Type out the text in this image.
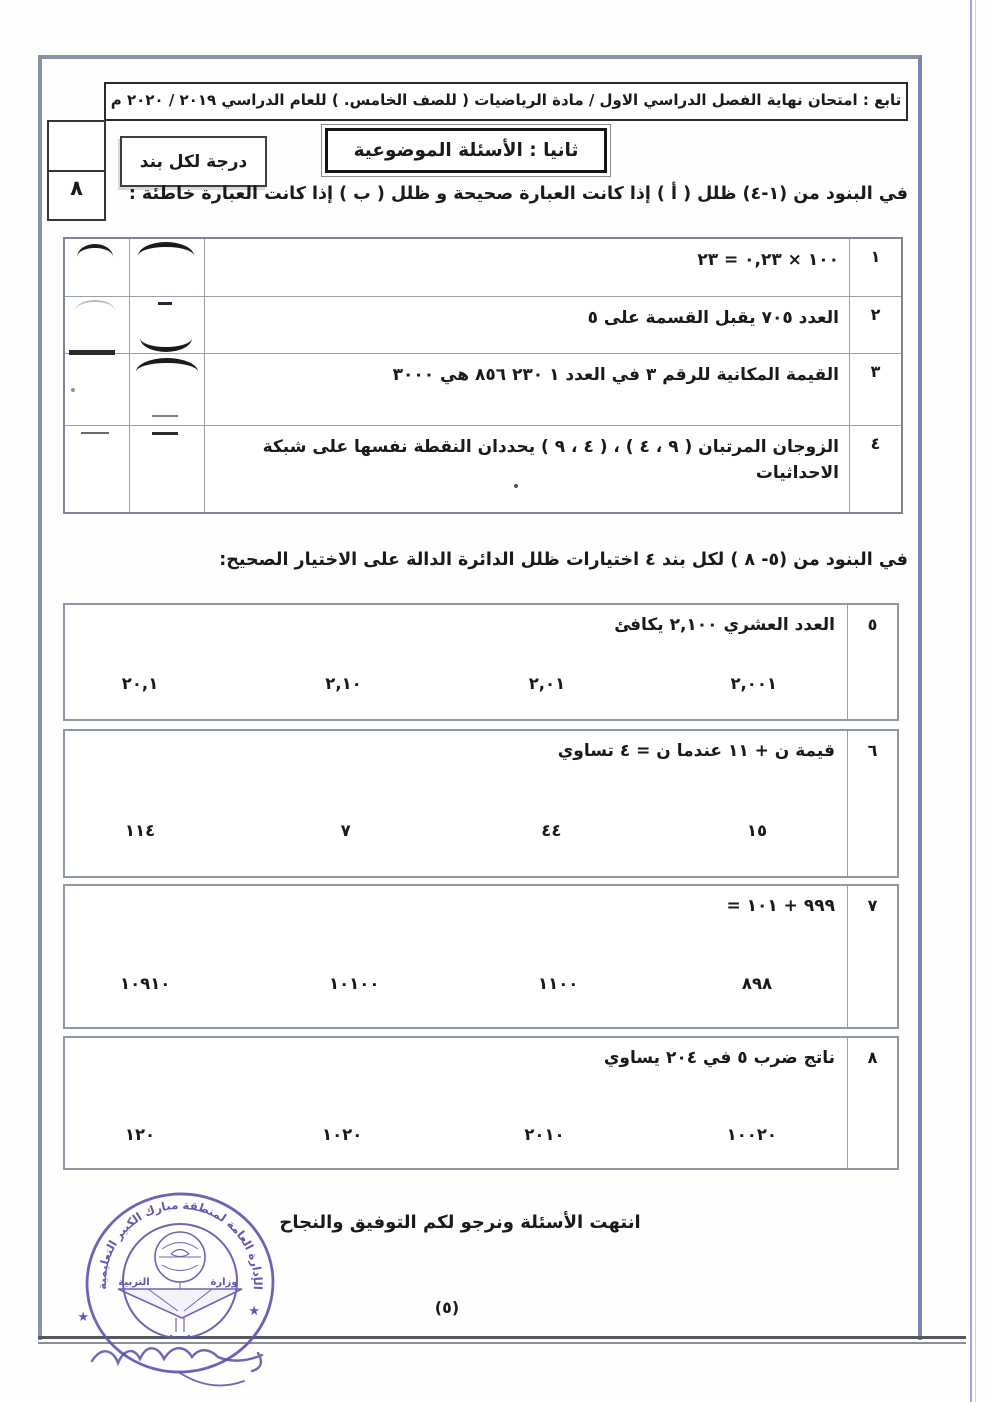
تابع : امتحان نهاية الفصل الدراسي الاول / مادة الرياضيات ( للصف الخامس. ) للعام الدراسي ٢٠١٩ / ٢٠٢٠ م
٨
درجة لكل بند
ثانيا : الأسئلة الموضوعية
في البنود من (١-٤) ظلل ( أ ) إذا كانت العبارة صحيحة و ظلل ( ب ) إذا كانت العبارة خاطئة :
١
١٠٠ × ٠,٢٣ = ٢٣
٢
العدد ٧٠٥ يقبل القسمة على ٥
٣
القيمة المكانية للرقم ٣ في العدد ‪١ ٢٣٠ ٨٥٦‬ هي ٣٠٠٠
٤
الزوجان المرتبان ( ٩ ، ٤ ) ، ( ٤ ، ٩ ) يحددان النقطة نفسها على شبكة الاحداثيات
في البنود من (٥- ٨ ) لكل بند ٤ اختيارات ظلل الدائرة الدالة على الاختيار الصحيح:
٥
العدد العشري ٢,١٠٠ يكافئ
٢,٠٠١
٢,٠١
٢,١٠
٢٠,١
٦
قيمة ن + ١١ عندما ن = ٤ تساوي
١٥
٤٤
٧
١١٤
٧
٩٩٩ + ١٠١ =
٨٩٨
١١٠٠
١٠١٠٠
١٠٩١٠
٨
ناتج ضرب ٥ في ٢٠٤ يساوي
١٠٠٢٠
٢٠١٠
١٠٢٠
١٢٠
انتهت الأسئلة ونرجو لكم التوفيق والنجاح
(٥)
الإدارة العامة لمنطقة مبارك الكبير التعليمية
وزارة
التربية
★	★
